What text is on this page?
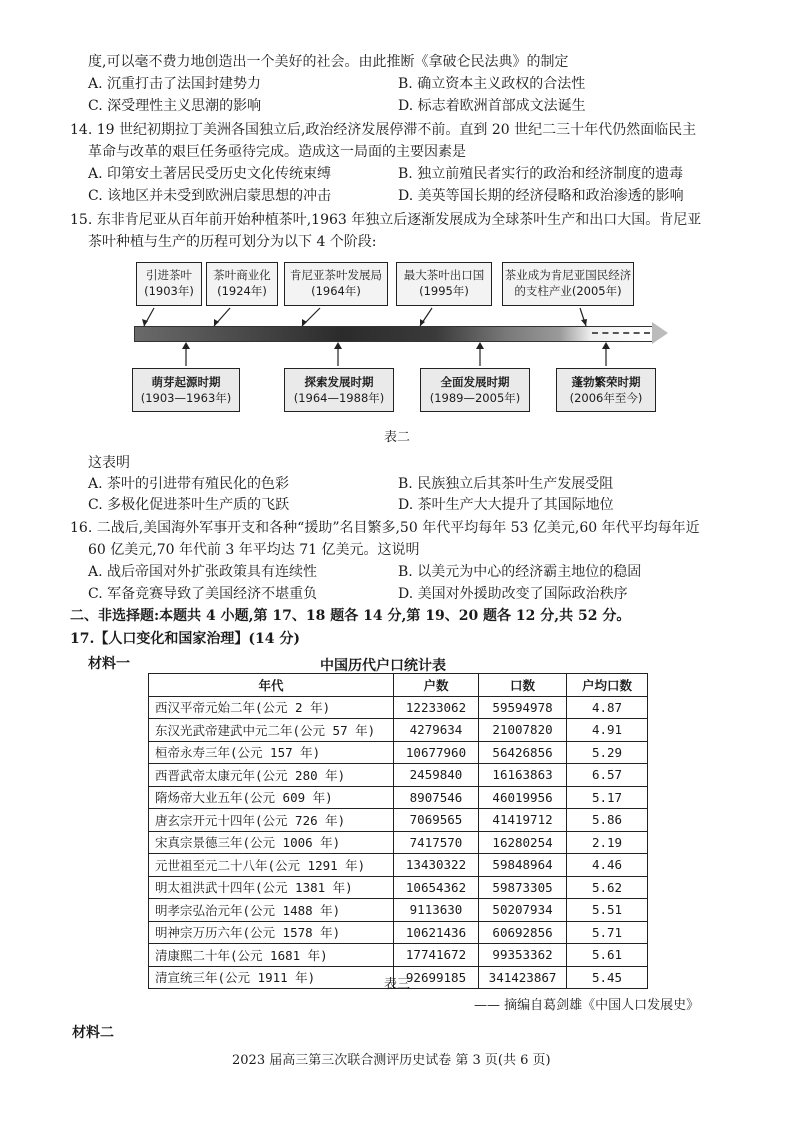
度,可以毫不费力地创造出一个美好的社会。由此推断《拿破仑民法典》的制定
A. 沉重打击了法国封建势力	B. 确立资本主义政权的合法性
C. 深受理性主义思潮的影响	D. 标志着欧洲首部成文法诞生
14. 19 世纪初期拉丁美洲各国独立后,政治经济发展停滞不前。直到 20 世纪二三十年代仍然面临民主
革命与改革的艰巨任务亟待完成。造成这一局面的主要因素是
A. 印第安土著居民受历史文化传统束缚	B. 独立前殖民者实行的政治和经济制度的遗毒
C. 该地区并未受到欧洲启蒙思想的冲击	D. 美英等国长期的经济侵略和政治渗透的影响
15. 东非肯尼亚从百年前开始种植茶叶,1963 年独立后逐渐发展成为全球茶叶生产和出口大国。肯尼亚
茶叶种植与生产的历程可划分为以下 4 个阶段:
引进茶叶
(1903年)
茶叶商业化
(1924年)
肯尼亚茶叶发展局
(1964年)
最大茶叶出口国
(1995年)
茶业成为肯尼亚国民经济
的支柱产业(2005年)
萌芽起源时期
(1903—1963年)
探索发展时期
(1964—1988年)
全面发展时期
(1989—2005年)
蓬勃繁荣时期
(2006年至今)
表二
这表明
A. 茶叶的引进带有殖民化的色彩	B. 民族独立后其茶叶生产发展受阻
C. 多极化促进茶叶生产质的飞跃	D. 茶叶生产大大提升了其国际地位
16. 二战后,美国海外军事开支和各种“援助”名目繁多,50 年代平均每年 53 亿美元,60 年代平均每年近
60 亿美元,70 年代前 3 年平均达 71 亿美元。这说明
A. 战后帝国对外扩张政策具有连续性	B. 以美元为中心的经济霸主地位的稳固
C. 军备竞赛导致了美国经济不堪重负	D. 美国对外援助改变了国际政治秩序
二、非选择题:本题共 4 小题,第 17、18 题各 14 分,第 19、20 题各 12 分,共 52 分。
17.【人口变化和国家治理】(14 分)
材料一	中国历代户口统计表
年代	户数	口数	户均口数
西汉平帝元始二年(公元 2 年)	12233062	59594978	4.87
东汉光武帝建武中元二年(公元 57 年)	4279634	21007820	4.91
桓帝永寿三年(公元 157 年)	10677960	56426856	5.29
西晋武帝太康元年(公元 280 年)	2459840	16163863	6.57
隋炀帝大业五年(公元 609 年)	8907546	46019956	5.17
唐玄宗开元十四年(公元 726 年)	7069565	41419712	5.86
宋真宗景德三年(公元 1006 年)	7417570	16280254	2.19
元世祖至元二十八年(公元 1291 年)	13430322	59848964	4.46
明太祖洪武十四年(公元 1381 年)	10654362	59873305	5.62
明孝宗弘治元年(公元 1488 年)	9113630	50207934	5.51
明神宗万历六年(公元 1578 年)	10621436	60692856	5.71
清康熙二十年(公元 1681 年)	17741672	99353362	5.61
清宣统三年(公元 1911 年)	92699185	341423867	5.45
表三
—— 摘编自葛剑雄《中国人口发展史》
材料二
2023 届高三第三次联合测评历史试卷 第 3 页(共 6 页)
